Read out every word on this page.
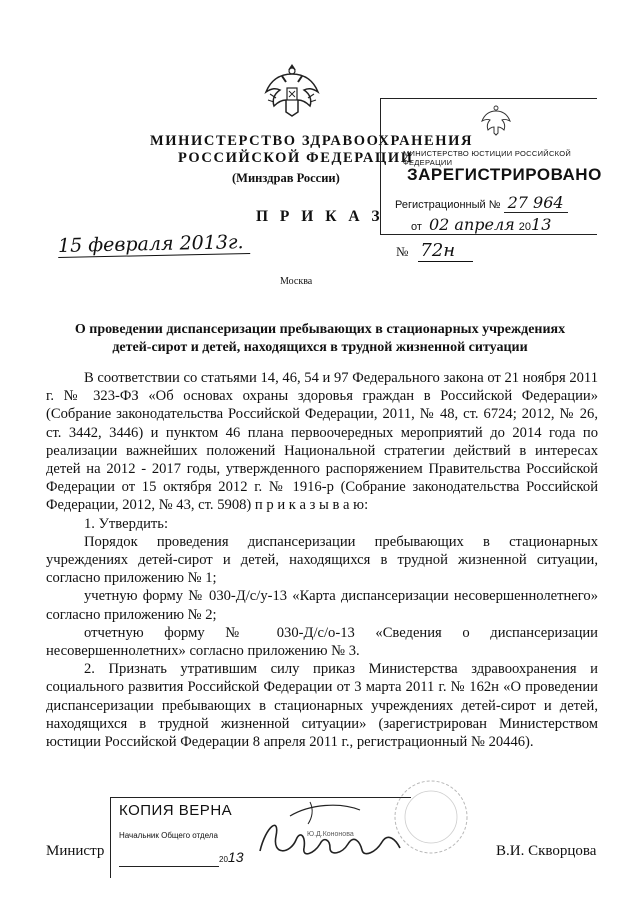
МИНИСТЕРСТВО ЗДРАВООХРАНЕНИЯ
РОССИЙСКОЙ ФЕДЕРАЦИИ
(Минздрав России)
П Р И К А З
15 февраля 2013г.	№ 72н
Москва
МИНИСТЕРСТВО ЮСТИЦИИ РОССИЙСКОЙ ФЕДЕРАЦИИ
ЗАРЕГИСТРИРОВАНО
Регистрационный № 27 964
от 02 апреля 2013
О проведении диспансеризации пребывающих в стационарных учреждениях
детей-сирот и детей, находящихся в трудной жизненной ситуации

В соответствии со статьями 14, 46, 54 и 97 Федерального закона от 21 ноября 2011 г. № 323-ФЗ «Об основах охраны здоровья граждан в Российской Федерации» (Собрание законодательства Российской Федерации, 2011, № 48, ст. 6724; 2012, № 26, ст. 3442, 3446) и пунктом 46 плана первоочередных мероприятий до 2014 года по реализации важнейших положений Национальной стратегии действий в интересах детей на 2012 - 2017 годы, утвержденного распоряжением Правительства Российской Федерации от 15 октября 2012 г. № 1916-р (Собрание законодательства Российской Федерации, 2012, № 43, ст. 5908) п р и к а з ы в а ю:

1. Утвердить:

Порядок проведения диспансеризации пребывающих в стационарных учреждениях детей-сирот и детей, находящихся в трудной жизненной ситуации, согласно приложению № 1;

учетную форму № 030-Д/с/у-13 «Карта диспансеризации несовершеннолетнего» согласно приложению № 2;

отчетную форму № 030-Д/с/о-13 «Сведения о диспансеризации несовершеннолетних» согласно приложению № 3.

2. Признать утратившим силу приказ Министерства здравоохранения и социального развития Российской Федерации от 3 марта 2011 г. № 162н «О проведении диспансеризации пребывающих в стационарных учреждениях детей-сирот и детей, находящихся в трудной жизненной ситуации» (зарегистрирован Министерством юстиции Российской Федерации 8 апреля 2011 г., регистрационный № 20446).

КОПИЯ ВЕРНА
Начальник Общего отдела	Ю.Д.Кононова
2013
Министр	В.И. Скворцова
